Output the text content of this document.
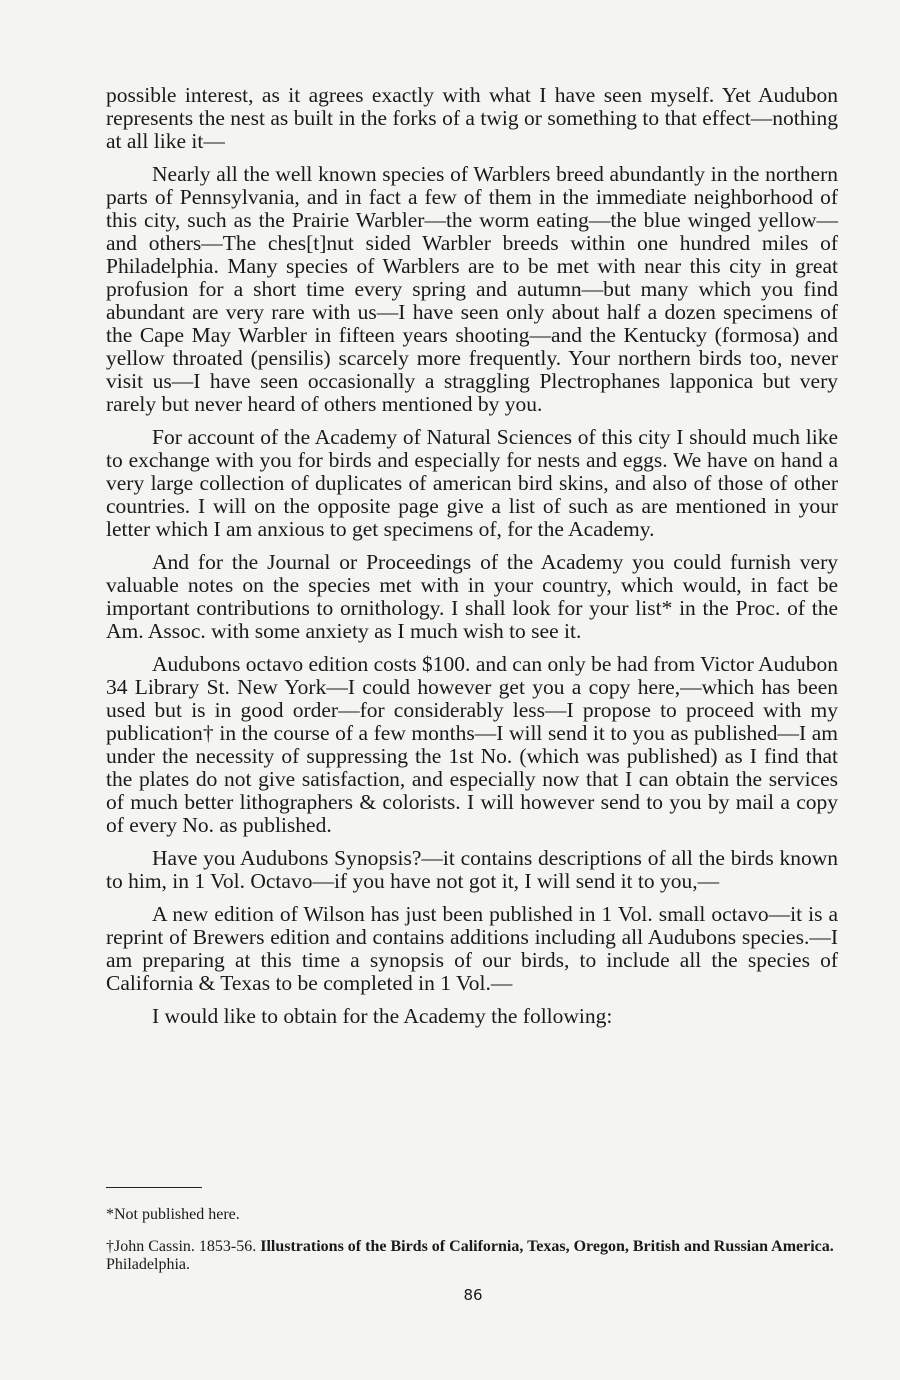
possible interest, as it agrees exactly with what I have seen myself. Yet Audubon represents the nest as built in the forks of a twig or something to that effect—nothing at all like it—

Nearly all the well known species of Warblers breed abundantly in the northern parts of Pennsylvania, and in fact a few of them in the immediate neighborhood of this city, such as the Prairie Warbler—the worm eating—the blue winged yellow—and others—The ches[t]nut sided Warbler breeds within one hundred miles of Philadelphia. Many species of Warblers are to be met with near this city in great profusion for a short time every spring and autumn—but many which you find abundant are very rare with us—I have seen only about half a dozen specimens of the Cape May Warbler in fifteen years shooting—and the Kentucky (formosa) and yellow throated (pensilis) scarcely more frequently. Your northern birds too, never visit us—I have seen occasionally a straggling Plectrophanes lapponica but very rarely but never heard of others mentioned by you.

For account of the Academy of Natural Sciences of this city I should much like to exchange with you for birds and especially for nests and eggs. We have on hand a very large collection of duplicates of american bird skins, and also of those of other countries. I will on the opposite page give a list of such as are mentioned in your letter which I am anxious to get specimens of, for the Academy.

And for the Journal or Proceedings of the Academy you could furnish very valuable notes on the species met with in your country, which would, in fact be important contributions to ornithology. I shall look for your list* in the Proc. of the Am. Assoc. with some anxiety as I much wish to see it.

Audubons octavo edition costs $100. and can only be had from Victor Audubon 34 Library St. New York—I could however get you a copy here,—which has been used but is in good order—for considerably less—I propose to proceed with my publication† in the course of a few months—I will send it to you as published—I am under the necessity of suppressing the 1st No. (which was published) as I find that the plates do not give satisfaction, and especially now that I can obtain the services of much better lithographers & colorists. I will however send to you by mail a copy of every No. as published.

Have you Audubons Synopsis?—it contains descriptions of all the birds known to him, in 1 Vol. Octavo—if you have not got it, I will send it to you,—

A new edition of Wilson has just been published in 1 Vol. small octavo—it is a reprint of Brewers edition and contains additions including all Audubons species.—I am preparing at this time a synopsis of our birds, to include all the species of California & Texas to be completed in 1 Vol.—

I would like to obtain for the Academy the following:

*Not published here.
†John Cassin. 1853-56. Illustrations of the Birds of California, Texas, Oregon, British and Russian America. Philadelphia.
86
